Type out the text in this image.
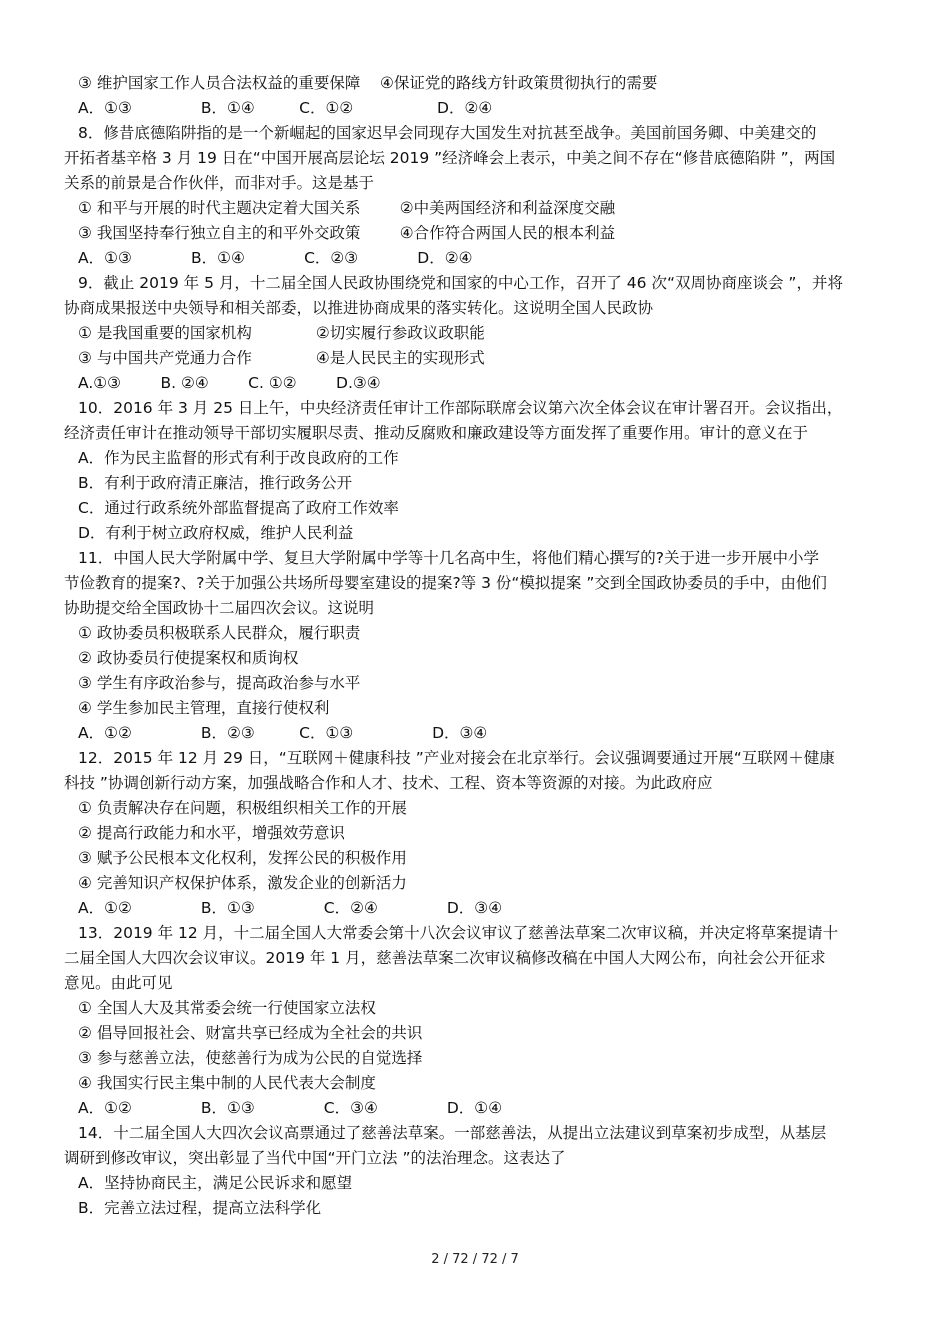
③ 维护国家工作人员合法权益的重要保障    ④保证党的路线方针政策贯彻执行的需要

A．①③              B．①④         C．①②                 D．②④

8．修昔底德陷阱指的是一个新崛起的国家迟早会同现存大国发生对抗甚至战争。美国前国务卿、中美建交的

开拓者基辛格 3 月 19 日在“中国开展高层论坛 2019 ”经济峰会上表示，中美之间不存在“修昔底德陷阱 ”，两国

关系的前景是合作伙伴，而非对手。这是基于

① 和平与开展的时代主题决定着大国关系        ②中美两国经济和利益深度交融

③ 我国坚持奉行独立自主的和平外交政策        ④合作符合两国人民的根本利益

A．①③            B．①④            C．②③            D．②④

9．截止 2019 年 5 月，十二届全国人民政协围绕党和国家的中心工作，召开了 46 次“双周协商座谈会 ”，并将

协商成果报送中央领导和相关部委，以推进协商成果的落实转化。这说明全国人民政协

① 是我国重要的国家机构             ②切实履行参政议政职能

③ 与中国共产党通力合作             ④是人民民主的实现形式

A.①③        B. ②④        C. ①②        D.③④

10．2016 年 3 月 25 日上午，中央经济责任审计工作部际联席会议第六次全体会议在审计署召开。会议指出，

经济责任审计在推动领导干部切实履职尽责、推动反腐败和廉政建设等方面发挥了重要作用。审计的意义在于

A．作为民主监督的形式有利于改良政府的工作

B．有利于政府清正廉洁，推行政务公开

C．通过行政系统外部监督提高了政府工作效率

D．有利于树立政府权威，维护人民利益

11．中国人民大学附属中学、复旦大学附属中学等十几名高中生，将他们精心撰写的?关于进一步开展中小学

节俭教育的提案?、?关于加强公共场所母婴室建设的提案?等 3 份“模拟提案 ”交到全国政协委员的手中，由他们

协助提交给全国政协十二届四次会议。这说明

① 政协委员积极联系人民群众，履行职责

② 政协委员行使提案权和质询权

③ 学生有序政治参与，提高政治参与水平

④ 学生参加民主管理，直接行使权利

A．①②              B．②③         C．①③                D．③④

12．2015 年 12 月 29 日，“互联网＋健康科技 ”产业对接会在北京举行。会议强调要通过开展“互联网＋健康

科技 ”协调创新行动方案，加强战略合作和人才、技术、工程、资本等资源的对接。为此政府应

① 负责解决存在问题，积极组织相关工作的开展

② 提高行政能力和水平，增强效劳意识

③ 赋予公民根本文化权利，发挥公民的积极作用

④ 完善知识产权保护体系，激发企业的创新活力

A．①②              B．①③              C．②④              D．③④

13．2019 年 12 月，十二届全国人大常委会第十八次会议审议了慈善法草案二次审议稿，并决定将草案提请十

二届全国人大四次会议审议。2019 年 1 月，慈善法草案二次审议稿修改稿在中国人大网公布，向社会公开征求

意见。由此可见

① 全国人大及其常委会统一行使国家立法权

② 倡导回报社会、财富共享已经成为全社会的共识

③ 参与慈善立法，使慈善行为成为公民的自觉选择

④ 我国实行民主集中制的人民代表大会制度

A．①②              B．①③              C．③④              D．①④

14．十二届全国人大四次会议高票通过了慈善法草案。一部慈善法，从提出立法建议到草案初步成型，从基层

调研到修改审议，突出彰显了当代中国“开门立法 ”的法治理念。这表达了

A．坚持协商民主，满足公民诉求和愿望

B．完善立法过程，提高立法科学化

2 / 72 / 72 / 7
